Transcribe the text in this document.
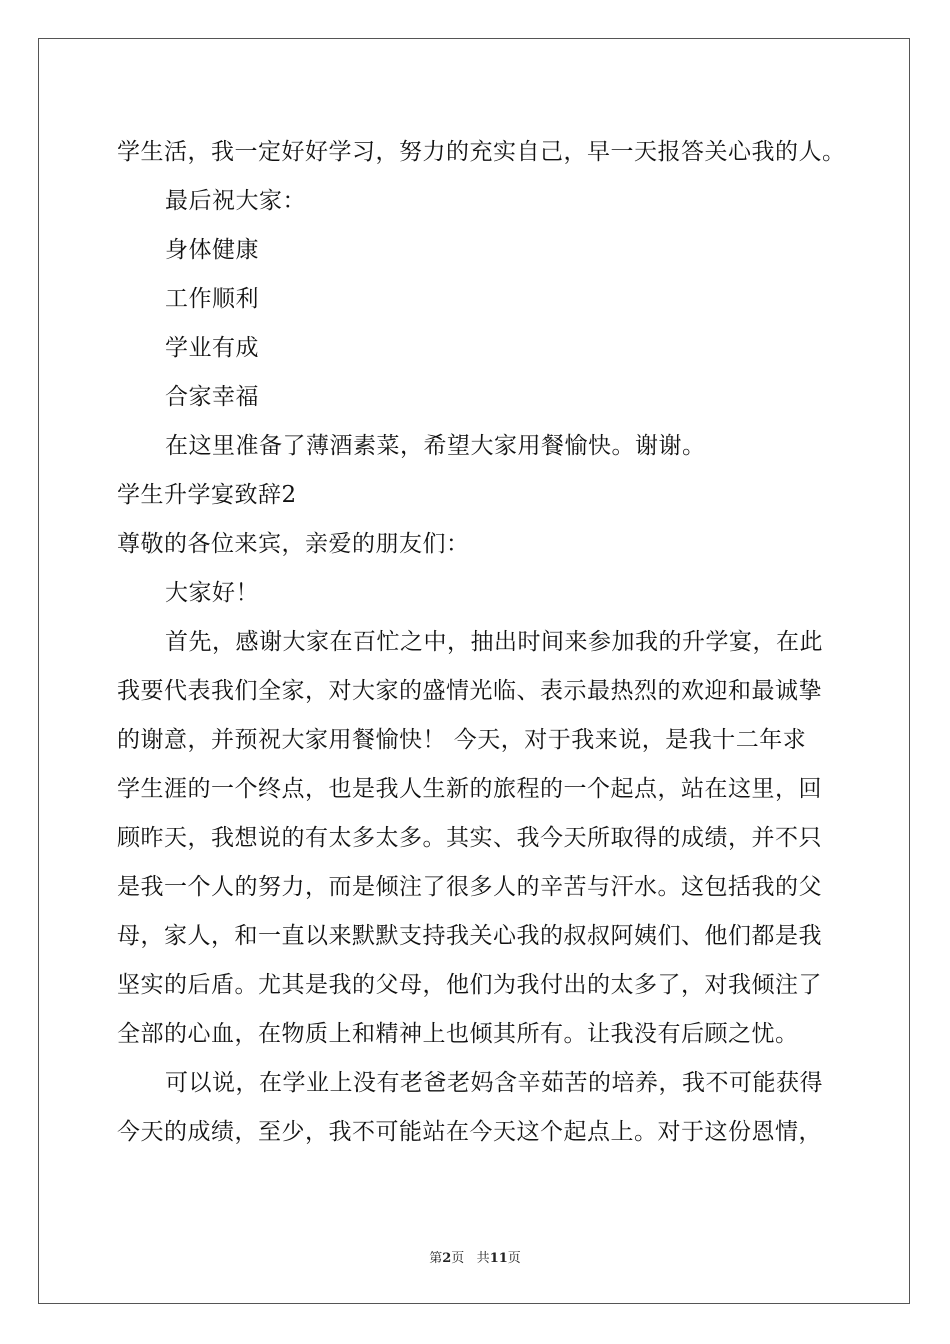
学生活，我一定好好学习，努力的充实自己，早一天报答关心我的人。
最后祝大家：
身体健康
工作顺利
学业有成
合家幸福
在这里准备了薄酒素菜，希望大家用餐愉快。谢谢。
学生升学宴致辞2
尊敬的各位来宾，亲爱的朋友们：
大家好！
首先，感谢大家在百忙之中，抽出时间来参加我的升学宴，在此
我要代表我们全家，对大家的盛情光临、表示最热烈的欢迎和最诚挚
的谢意，并预祝大家用餐愉快！ 今天，对于我来说，是我十二年求
学生涯的一个终点，也是我人生新的旅程的一个起点，站在这里，回
顾昨天，我想说的有太多太多。其实、我今天所取得的成绩，并不只
是我一个人的努力，而是倾注了很多人的辛苦与汗水。这包括我的父
母，家人，和一直以来默默支持我关心我的叔叔阿姨们、他们都是我
坚实的后盾。尤其是我的父母，他们为我付出的太多了，对我倾注了
全部的心血，在物质上和精神上也倾其所有。让我没有后顾之忧。
可以说，在学业上没有老爸老妈含辛茹苦的培养，我不可能获得
今天的成绩，至少，我不可能站在今天这个起点上。对于这份恩情，
第2页 共11页
